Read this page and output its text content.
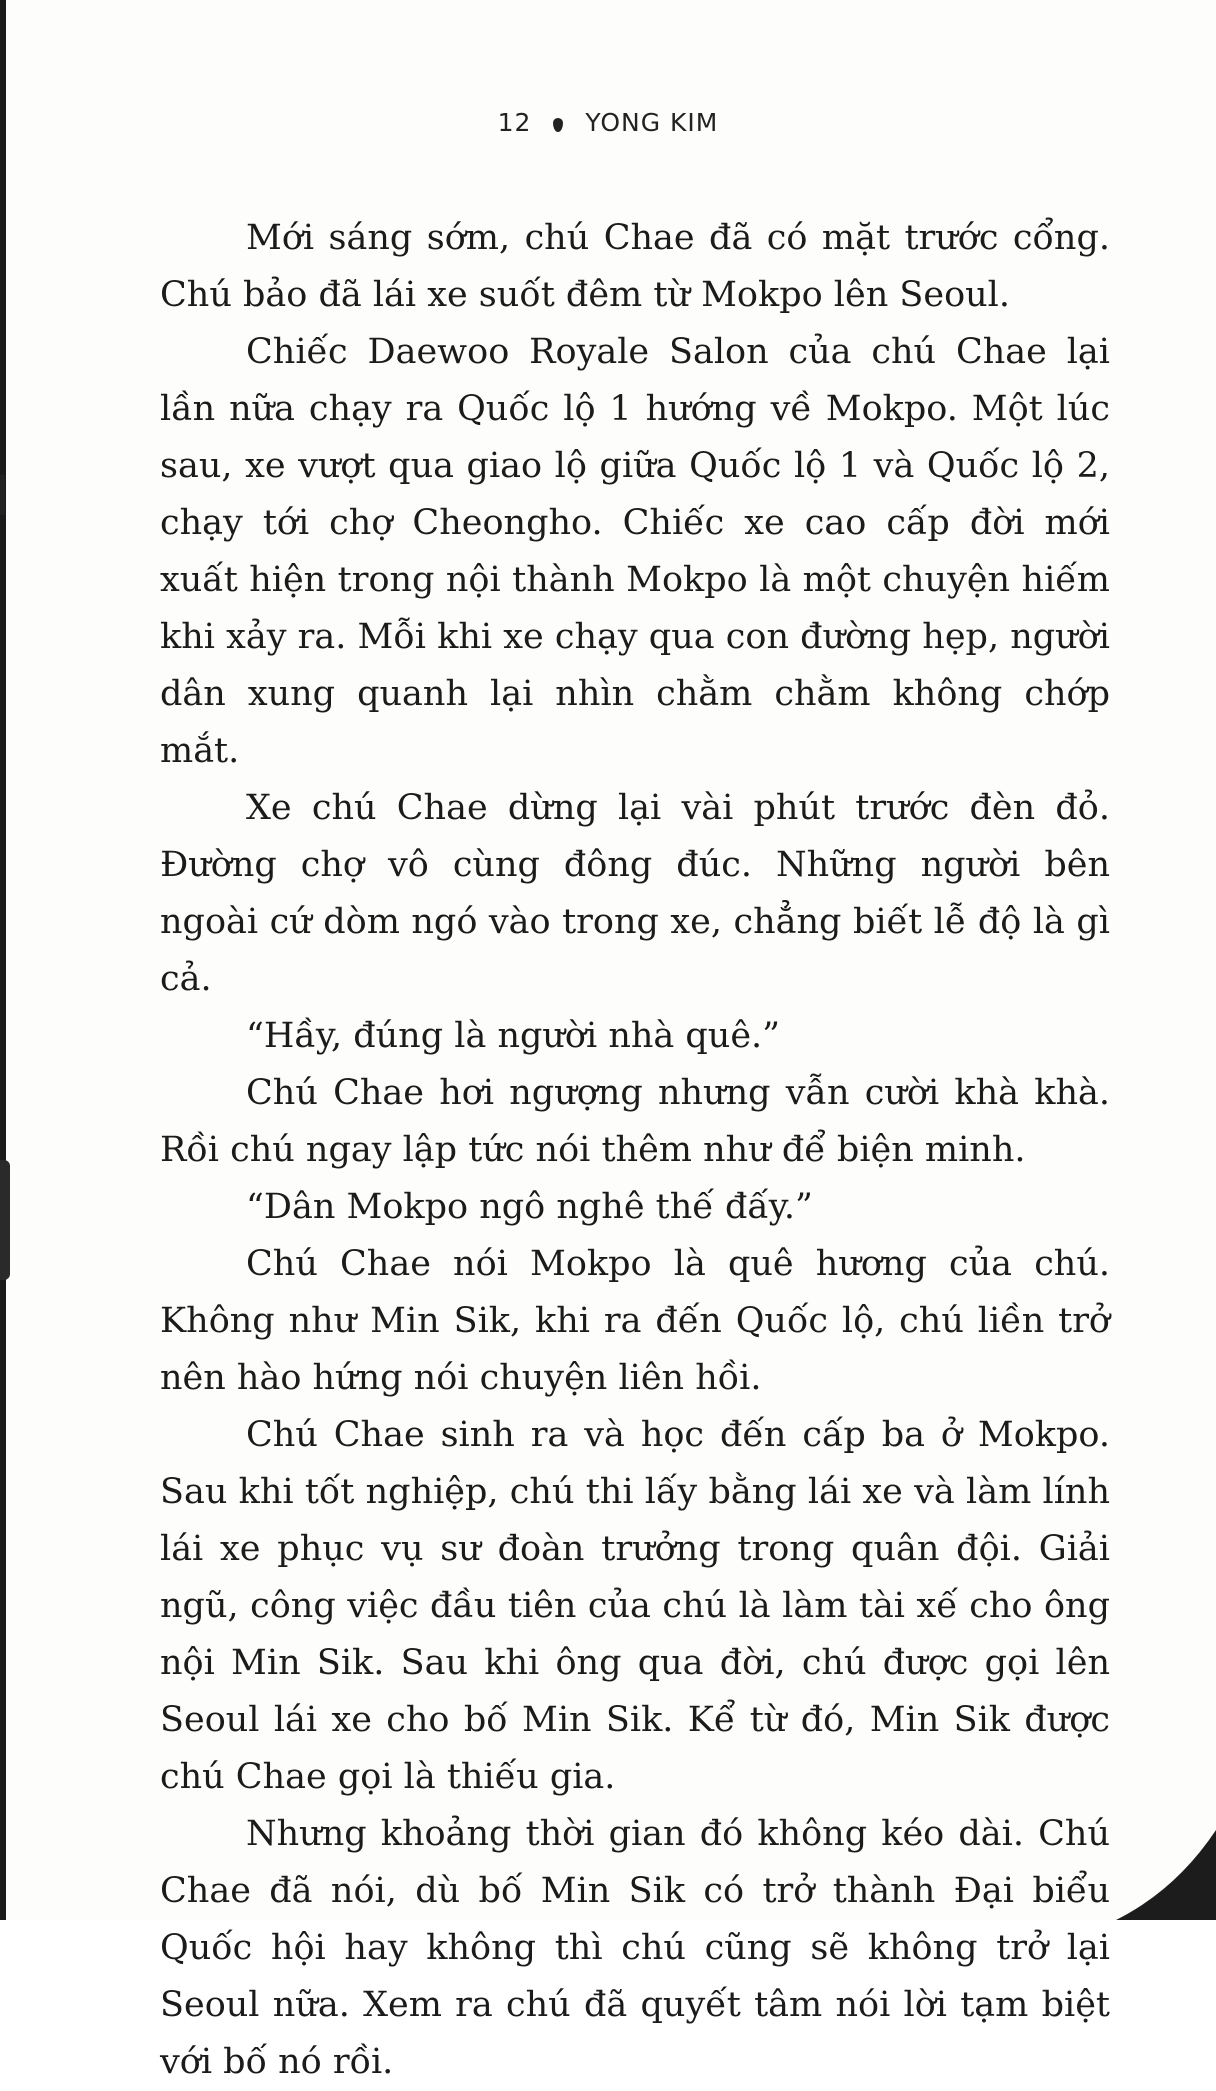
12 YONG KIM

Mới sáng sớm, chú Chae đã có mặt trước cổng. Chú bảo đã lái xe suốt đêm từ Mokpo lên Seoul.

Chiếc Daewoo Royale Salon của chú Chae lại lần nữa chạy ra Quốc lộ 1 hướng về Mokpo. Một lúc sau, xe vượt qua giao lộ giữa Quốc lộ 1 và Quốc lộ 2, chạy tới chợ Cheongho. Chiếc xe cao cấp đời mới xuất hiện trong nội thành Mokpo là một chuyện hiếm khi xảy ra. Mỗi khi xe chạy qua con đường hẹp, người dân xung quanh lại nhìn chằm chằm không chớp mắt.

Xe chú Chae dừng lại vài phút trước đèn đỏ. Đường chợ vô cùng đông đúc. Những người bên ngoài cứ dòm ngó vào trong xe, chẳng biết lễ độ là gì cả.

“Hầy, đúng là người nhà quê.”

Chú Chae hơi ngượng nhưng vẫn cười khà khà. Rồi chú ngay lập tức nói thêm như để biện minh.

“Dân Mokpo ngô nghê thế đấy.”

Chú Chae nói Mokpo là quê hương của chú. Không như Min Sik, khi ra đến Quốc lộ, chú liền trở nên hào hứng nói chuyện liên hồi.

Chú Chae sinh ra và học đến cấp ba ở Mokpo. Sau khi tốt nghiệp, chú thi lấy bằng lái xe và làm lính lái xe phục vụ sư đoàn trưởng trong quân đội. Giải ngũ, công việc đầu tiên của chú là làm tài xế cho ông nội Min Sik. Sau khi ông qua đời, chú được gọi lên Seoul lái xe cho bố Min Sik. Kể từ đó, Min Sik được chú Chae gọi là thiếu gia.

Nhưng khoảng thời gian đó không kéo dài. Chú Chae đã nói, dù bố Min Sik có trở thành Đại biểu Quốc hội hay không thì chú cũng sẽ không trở lại Seoul nữa. Xem ra chú đã quyết tâm nói lời tạm biệt với bố nó rồi.
